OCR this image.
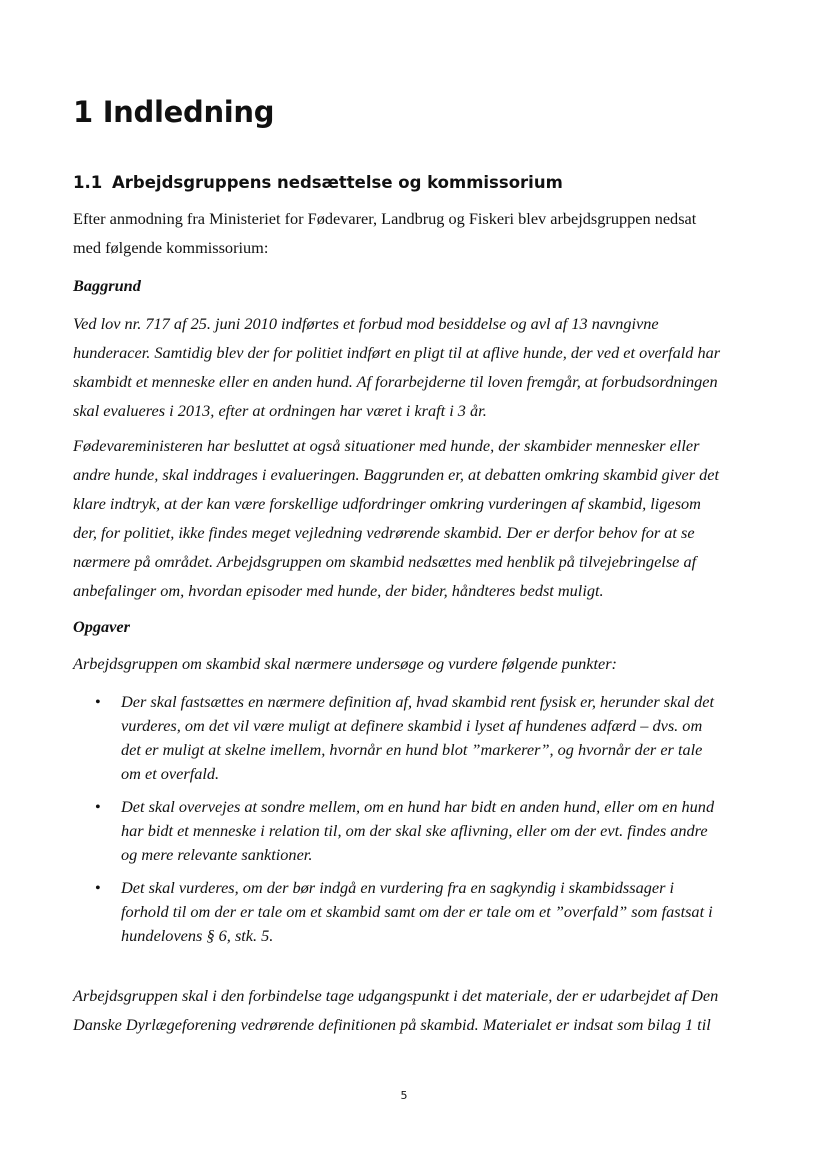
1 Indledning
1.1 Arbejdsgruppens nedsættelse og kommissorium

Efter anmodning fra Ministeriet for Fødevarer, Landbrug og Fiskeri blev arbejdsgruppen nedsat
med følgende kommissorium:

Baggrund

Ved lov nr. 717 af 25. juni 2010 indførtes et forbud mod besiddelse og avl af 13 navngivne
hunderacer. Samtidig blev der for politiet indført en pligt til at aflive hunde, der ved et overfald har
skambidt et menneske eller en anden hund. Af forarbejderne til loven fremgår, at forbudsordningen
skal evalueres i 2013, efter at ordningen har været i kraft i 3 år.

Fødevareministeren har besluttet at også situationer med hunde, der skambider mennesker eller
andre hunde, skal inddrages i evalueringen. Baggrunden er, at debatten omkring skambid giver det
klare indtryk, at der kan være forskellige udfordringer omkring vurderingen af skambid, ligesom
der, for politiet, ikke findes meget vejledning vedrørende skambid. Der er derfor behov for at se
nærmere på området. Arbejdsgruppen om skambid nedsættes med henblik på tilvejebringelse af
anbefalinger om, hvordan episoder med hunde, der bider, håndteres bedst muligt.

Opgaver

Arbejdsgruppen om skambid skal nærmere undersøge og vurdere følgende punkter:

•	Der skal fastsættes en nærmere definition af, hvad skambid rent fysisk er, herunder skal det
vurderes, om det vil være muligt at definere skambid i lyset af hundenes adfærd – dvs. om
det er muligt at skelne imellem, hvornår en hund blot ”markerer”, og hvornår der er tale
om et overfald.
•	Det skal overvejes at sondre mellem, om en hund har bidt en anden hund, eller om en hund
har bidt et menneske i relation til, om der skal ske aflivning, eller om der evt. findes andre
og mere relevante sanktioner.
•	Det skal vurderes, om der bør indgå en vurdering fra en sagkyndig i skambidssager i
forhold til om der er tale om et skambid samt om der er tale om et ”overfald” som fastsat i
hundelovens § 6, stk. 5.

Arbejdsgruppen skal i den forbindelse tage udgangspunkt i det materiale, der er udarbejdet af Den
Danske Dyrlægeforening vedrørende definitionen på skambid. Materialet er indsat som bilag 1 til

5
